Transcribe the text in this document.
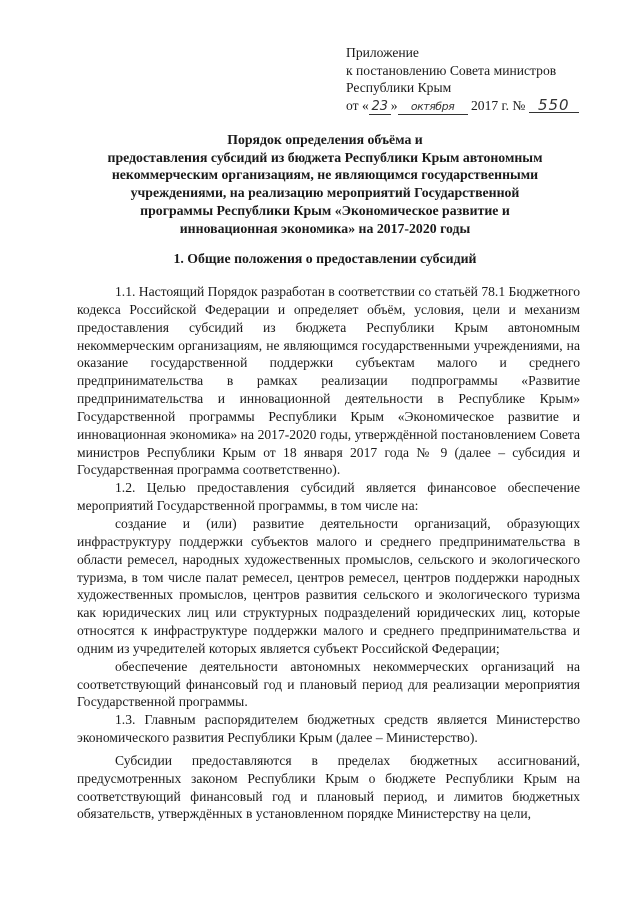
Приложение
к постановлению Совета министров
Республики Крым
от « 23 » октября 2017 г. № 550
Порядок определения объёма и
предоставления субсидий из бюджета Республики Крым автономным
некоммерческим организациям, не являющимся государственными
учреждениями, на реализацию мероприятий Государственной
программы Республики Крым «Экономическое развитие и
инновационная экономика» на 2017-2020 годы
1. Общие положения о предоставлении субсидий

1.1. Настоящий Порядок разработан в соответствии со статьёй 78.1 Бюджетного кодекса Российской Федерации и определяет объём, условия, цели и механизм предоставления субсидий из бюджета Республики Крым автономным некоммерческим организациям, не являющимся государственными учреждениями, на оказание государственной поддержки субъектам малого и среднего предпринимательства в рамках реализации подпрограммы «Развитие предпринимательства и инновационной деятельности в Республике Крым» Государственной программы Республики Крым «Экономическое развитие и инновационная экономика» на 2017-2020 годы, утверждённой постановлением Совета министров Республики Крым от 18 января 2017 года № 9 (далее – субсидия и Государственная программа соответственно).

1.2. Целью предоставления субсидий является финансовое обеспечение мероприятий Государственной программы, в том числе на:

создание и (или) развитие деятельности организаций, образующих инфраструктуру поддержки субъектов малого и среднего предпринимательства в области ремесел, народных художественных промыслов, сельского и экологического туризма, в том числе палат ремесел, центров ремесел, центров поддержки народных художественных промыслов, центров развития сельского и экологического туризма как юридических лиц или структурных подразделений юридических лиц, которые относятся к инфраструктуре поддержки малого и среднего предпринимательства и одним из учредителей которых является субъект Российской Федерации;

обеспечение деятельности автономных некоммерческих организаций на соответствующий финансовый год и плановый период для реализации мероприятия Государственной программы.

1.3. Главным распорядителем бюджетных средств является Министерство экономического развития Республики Крым (далее – Министерство).

Субсидии предоставляются в пределах бюджетных ассигнований, предусмотренных законом Республики Крым о бюджете Республики Крым на соответствующий финансовый год и плановый период, и лимитов бюджетных обязательств, утверждённых в установленном порядке Министерству на цели,
